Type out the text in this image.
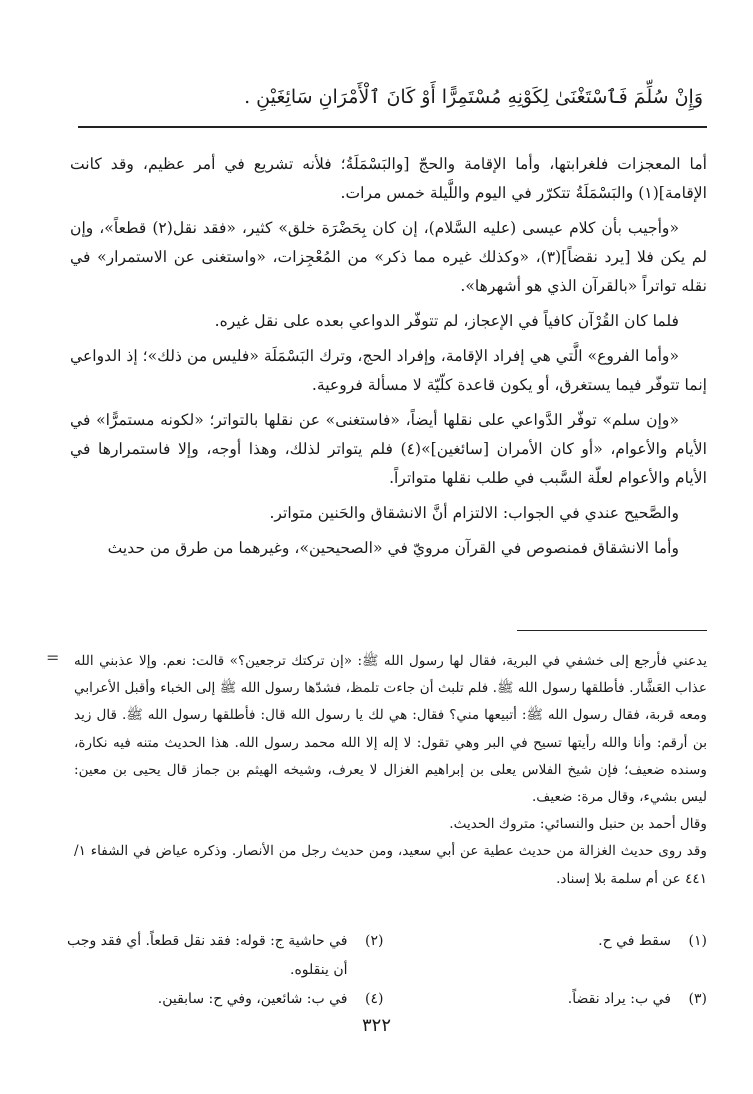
وَإِنْ سُلِّمَ فَٱسْتَغْنَىٰ لِكَوْنِهِ مُسْتَمِرًّا أَوْ كَانَ ٱلْأَمْرَانِ سَائِغَيْنِ .

أما المعجزات فلغرابتها، وأما الإقامة والحجّ [والبَسْمَلَةُ؛ فلأنه تشريع في أمر عظيم، وقد كانت الإقامة](١) والبَسْمَلَةُ تتكرّر في اليوم واللَّيلة خمس مرات.

«وأجيب بأن كلام عيسى (عليه السَّلام)، إن كان بِحَضْرَة خلق» كثير، «فقد نقل(٢) قطعاً»، وإن لم يكن فلا [يرد نقضاً](٣)، «وكذلك غيره مما ذكر» من المُعْجِزات، «واستغنى عن الاستمرار» في نقله تواتراً «بالقرآن الذي هو أشهرها».

فلما كان القُرْآن كافياً في الإعجاز، لم تتوفّر الدواعي بعده على نقل غيره.

«وأما الفروع» الَّتي هي إفراد الإقامة، وإفراد الحج، وترك البَسْمَلَة «فليس من ذلك»؛ إذ الدواعي إنما تتوفّر فيما يستغرق، أو يكون قاعدة كلّيّة لا مسألة فروعية.

«وإن سلم» توفّر الدَّواعي على نقلها أيضاً، «فاستغنى» عن نقلها بالتواتر؛ «لكونه مستمرًّا» في الأيام والأعوام، «أو كان الأمران [سائغين]»(٤) فلم يتواتر لذلك، وهذا أوجه، وإلا فاستمرارها في الأيام والأعوام لعلّة السَّبب في طلب نقلها متواتراً.

والصَّحيح عندي في الجواب: الالتزام أنَّ الانشقاق والحَنين متواتر.

وأما الانشقاق فمنصوص في القرآن مرويّ في «الصحيحين»، وغيرهما من طرق من حديث

= يدعني فأرجع إلى خشفي في البرية، فقال لها رسول الله ﷺ: «إن تركتك ترجعين؟» قالت: نعم. وإلا عذبني الله عذاب العَشَّار. فأطلقها رسول الله ﷺ. فلم تلبث أن جاءت تلمظ، فشدّها رسول الله ﷺ إلى الخباء وأقبل الأعرابي ومعه قربة، فقال رسول الله ﷺ: أتبيعها مني؟ فقال: هي لك يا رسول الله قال: فأطلقها رسول الله ﷺ. قال زيد بن أرقم: وأنا والله رأيتها تسيح في البر وهي تقول: لا إله إلا الله محمد رسول الله. هذا الحديث متنه فيه نكارة، وسنده ضعيف؛ فإن شيخ الفلاس يعلى بن إبراهيم الغزال لا يعرف، وشيخه الهيثم بن جماز قال يحيى بن معين: ليس بشيء، وقال مرة: ضعيف.

وقال أحمد بن حنبل والنسائي: متروك الحديث.

وقد روى حديث الغزالة من حديث عطية عن أبي سعيد، ومن حديث رجل من الأنصار. وذكره عياض في الشفاء ١/ ٤٤١ عن أم سلمة بلا إسناد.

(١)
سقط في ح.
(٢)
في حاشية ج: قوله: فقد نقل قطعاً. أي فقد وجب أن ينقلوه.
(٣)
في ب: يراد نقضاً.
(٤)
في ب: شائعين، وفي ح: سابقين.
٣٢٢
